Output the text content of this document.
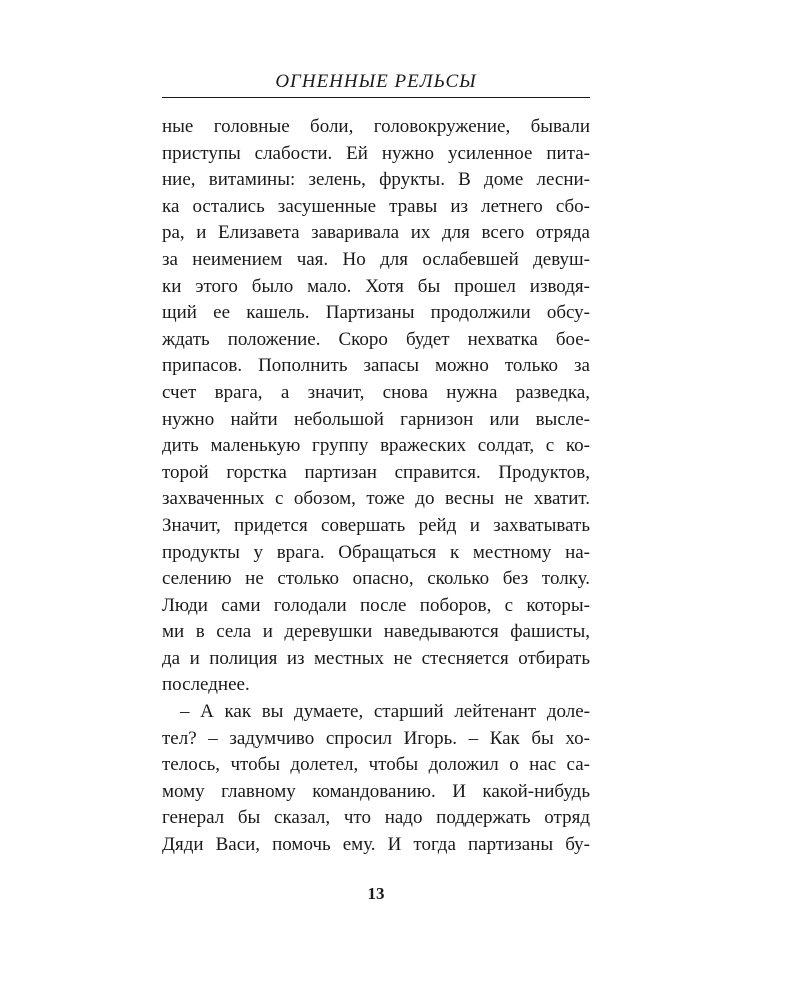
ОГНЕННЫЕ РЕЛЬСЫ
ные головные боли, головокружение, бывали
приступы слабости. Ей нужно усиленное пита-
ние, витамины: зелень, фрукты. В доме лесни-
ка остались засушенные травы из летнего сбо-
ра, и Елизавета заваривала их для всего отряда
за неимением чая. Но для ослабевшей девуш-
ки этого было мало. Хотя бы прошел изводя-
щий ее кашель. Партизаны продолжили обсу-
ждать положение. Скоро будет нехватка бое-
припасов. Пополнить запасы можно только за
счет врага, а значит, снова нужна разведка,
нужно найти небольшой гарнизон или высле-
дить маленькую группу вражеских солдат, с ко-
торой горстка партизан справится. Продуктов,
захваченных с обозом, тоже до весны не хватит.
Значит, придется совершать рейд и захватывать
продукты у врага. Обращаться к местному на-
селению не столько опасно, сколько без толку.
Люди сами голодали после поборов, с которы-
ми в села и деревушки наведываются фашисты,
да и полиция из местных не стесняется отбирать
последнее.
– А как вы думаете, старший лейтенант доле-
тел? – задумчиво спросил Игорь. – Как бы хо-
телось, чтобы долетел, чтобы доложил о нас са-
мому главному командованию. И какой-нибудь
генерал бы сказал, что надо поддержать отряд
Дяди Васи, помочь ему. И тогда партизаны бу-
13
